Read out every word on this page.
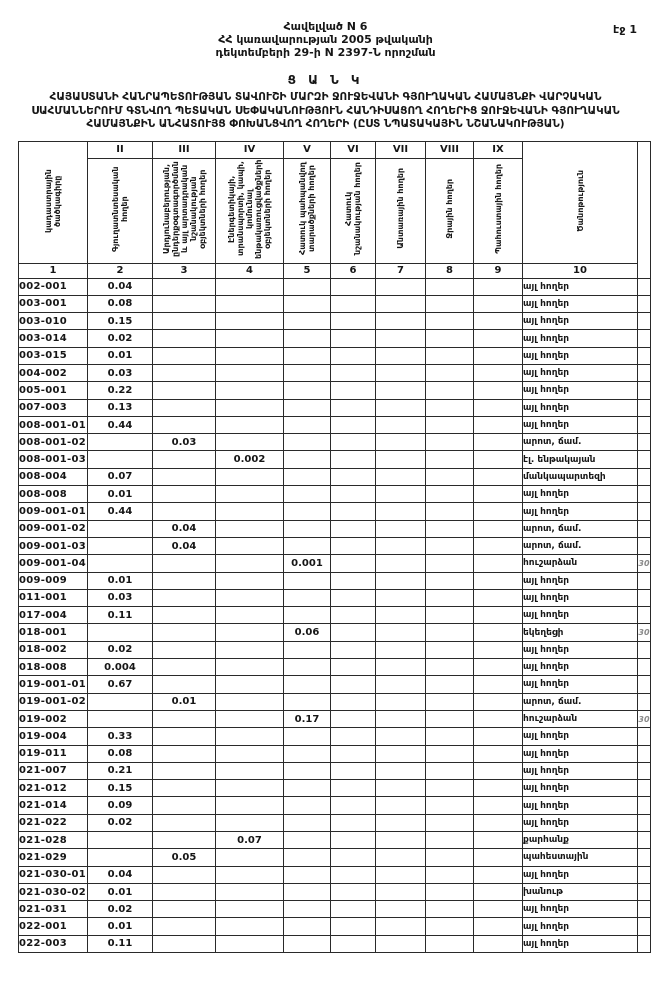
էջ 1
Հավելված N 6
ՀՀ կառավարության 2005 թվականի
դեկտեմբերի 29-ի N 2397-Ն որոշման
Ց Ա Ն Կ
ՀԱՅԱՍՏԱՆԻ ՀԱՆՐԱՊԵՏՈՒԹՅԱՆ ՏԱՎՈՒՇԻ ՄԱՐԶԻ ՋՈՒՋԵՎԱՆԻ ԳՅՈՒՂԱԿԱՆ ՀԱՄԱՅՆՔԻ ՎԱՐՉԱԿԱՆ ՍԱՀՄԱՆՆԵՐՈՒՄ ԳՏՆՎՈՂ ՊԵՏԱԿԱՆ ՍԵՓԱԿԱՆՈՒԹՅՈՒՆ ՀԱՆԴԻՍԱՑՈՂ ՀՈՂԵՐԻՑ ՋՈՒՋԵՎԱՆԻ ԳՅՈՒՂԱԿԱՆ ՀԱՄԱՅՆՔԻՆ ԱՆՀԱՏՈՒՅՑ ՓՈԽԱՆՑՎՈՂ ՀՈՂԵՐԻ (ԸՍՏ ՆՊԱՏԱԿԱՅԻՆ ՆՇԱՆԱԿՈՒԹՅԱՆ)
կադաստրային ծածկագիրը	II	III	IV	V	VI	VII	VIII	IX	Ծանոթություն	
	Գյուղատնտեսական հողեր	Արդյունաբերության, ընդերքօգտագործման և այլ արտադրական նշանակության օբյեկտների հողեր	Էներգետիկայի, տրանսպորտի, կապի, կոմունալ ենթակառուցվածքների օբյեկտների հողեր	Հատուկ պահպանվող տարածքների հողեր	Հատուկ նշանակության հողեր	Անտառային հողեր	Ջրային հողեր	Պահուստային հողեր		
1	2	3	4	5	6	7	8	9	10	
002-001	0.04								այլ հողեր	
003-001	0.08								այլ հողեր	
003-010	0.15								այլ հողեր	
003-014	0.02								այլ հողեր	
003-015	0.01								այլ հողեր	
004-002	0.03								այլ հողեր	
005-001	0.22								այլ հողեր	
007-003	0.13								այլ հողեր	
008-001-01	0.44								այլ հողեր	
008-001-02		0.03							արոտ, ճամ.	
008-001-03			0.002						էլ. ենթակայան	
008-004	0.07								մանկապարտեզի	
008-008	0.01								այլ հողեր	
009-001-01	0.44								այլ հողեր	
009-001-02		0.04							արոտ, ճամ.	
009-001-03		0.04							արոտ, ճամ.	
009-001-04				0.001					հուշարձան	30
009-009	0.01								այլ հողեր	
011-001	0.03								այլ հողեր	
017-004	0.11								այլ հողեր	
018-001				0.06					եկեղեցի	30
018-002	0.02								այլ հողեր	
018-008	0.004								այլ հողեր	
019-001-01	0.67								այլ հողեր	
019-001-02		0.01							արոտ, ճամ.	
019-002				0.17					հուշարձան	30
019-004	0.33								այլ հողեր	
019-011	0.08								այլ հողեր	
021-007	0.21								այլ հողեր	
021-012	0.15								այլ հողեր	
021-014	0.09								այլ հողեր	
021-022	0.02								այլ հողեր	
021-028			0.07						քարհանք	
021-029		0.05							պահեստային	
021-030-01	0.04								այլ հողեր	
021-030-02	0.01								խանութ	
021-031	0.02								այլ հողեր	
022-001	0.01								այլ հողեր	
022-003	0.11								այլ հողեր	
